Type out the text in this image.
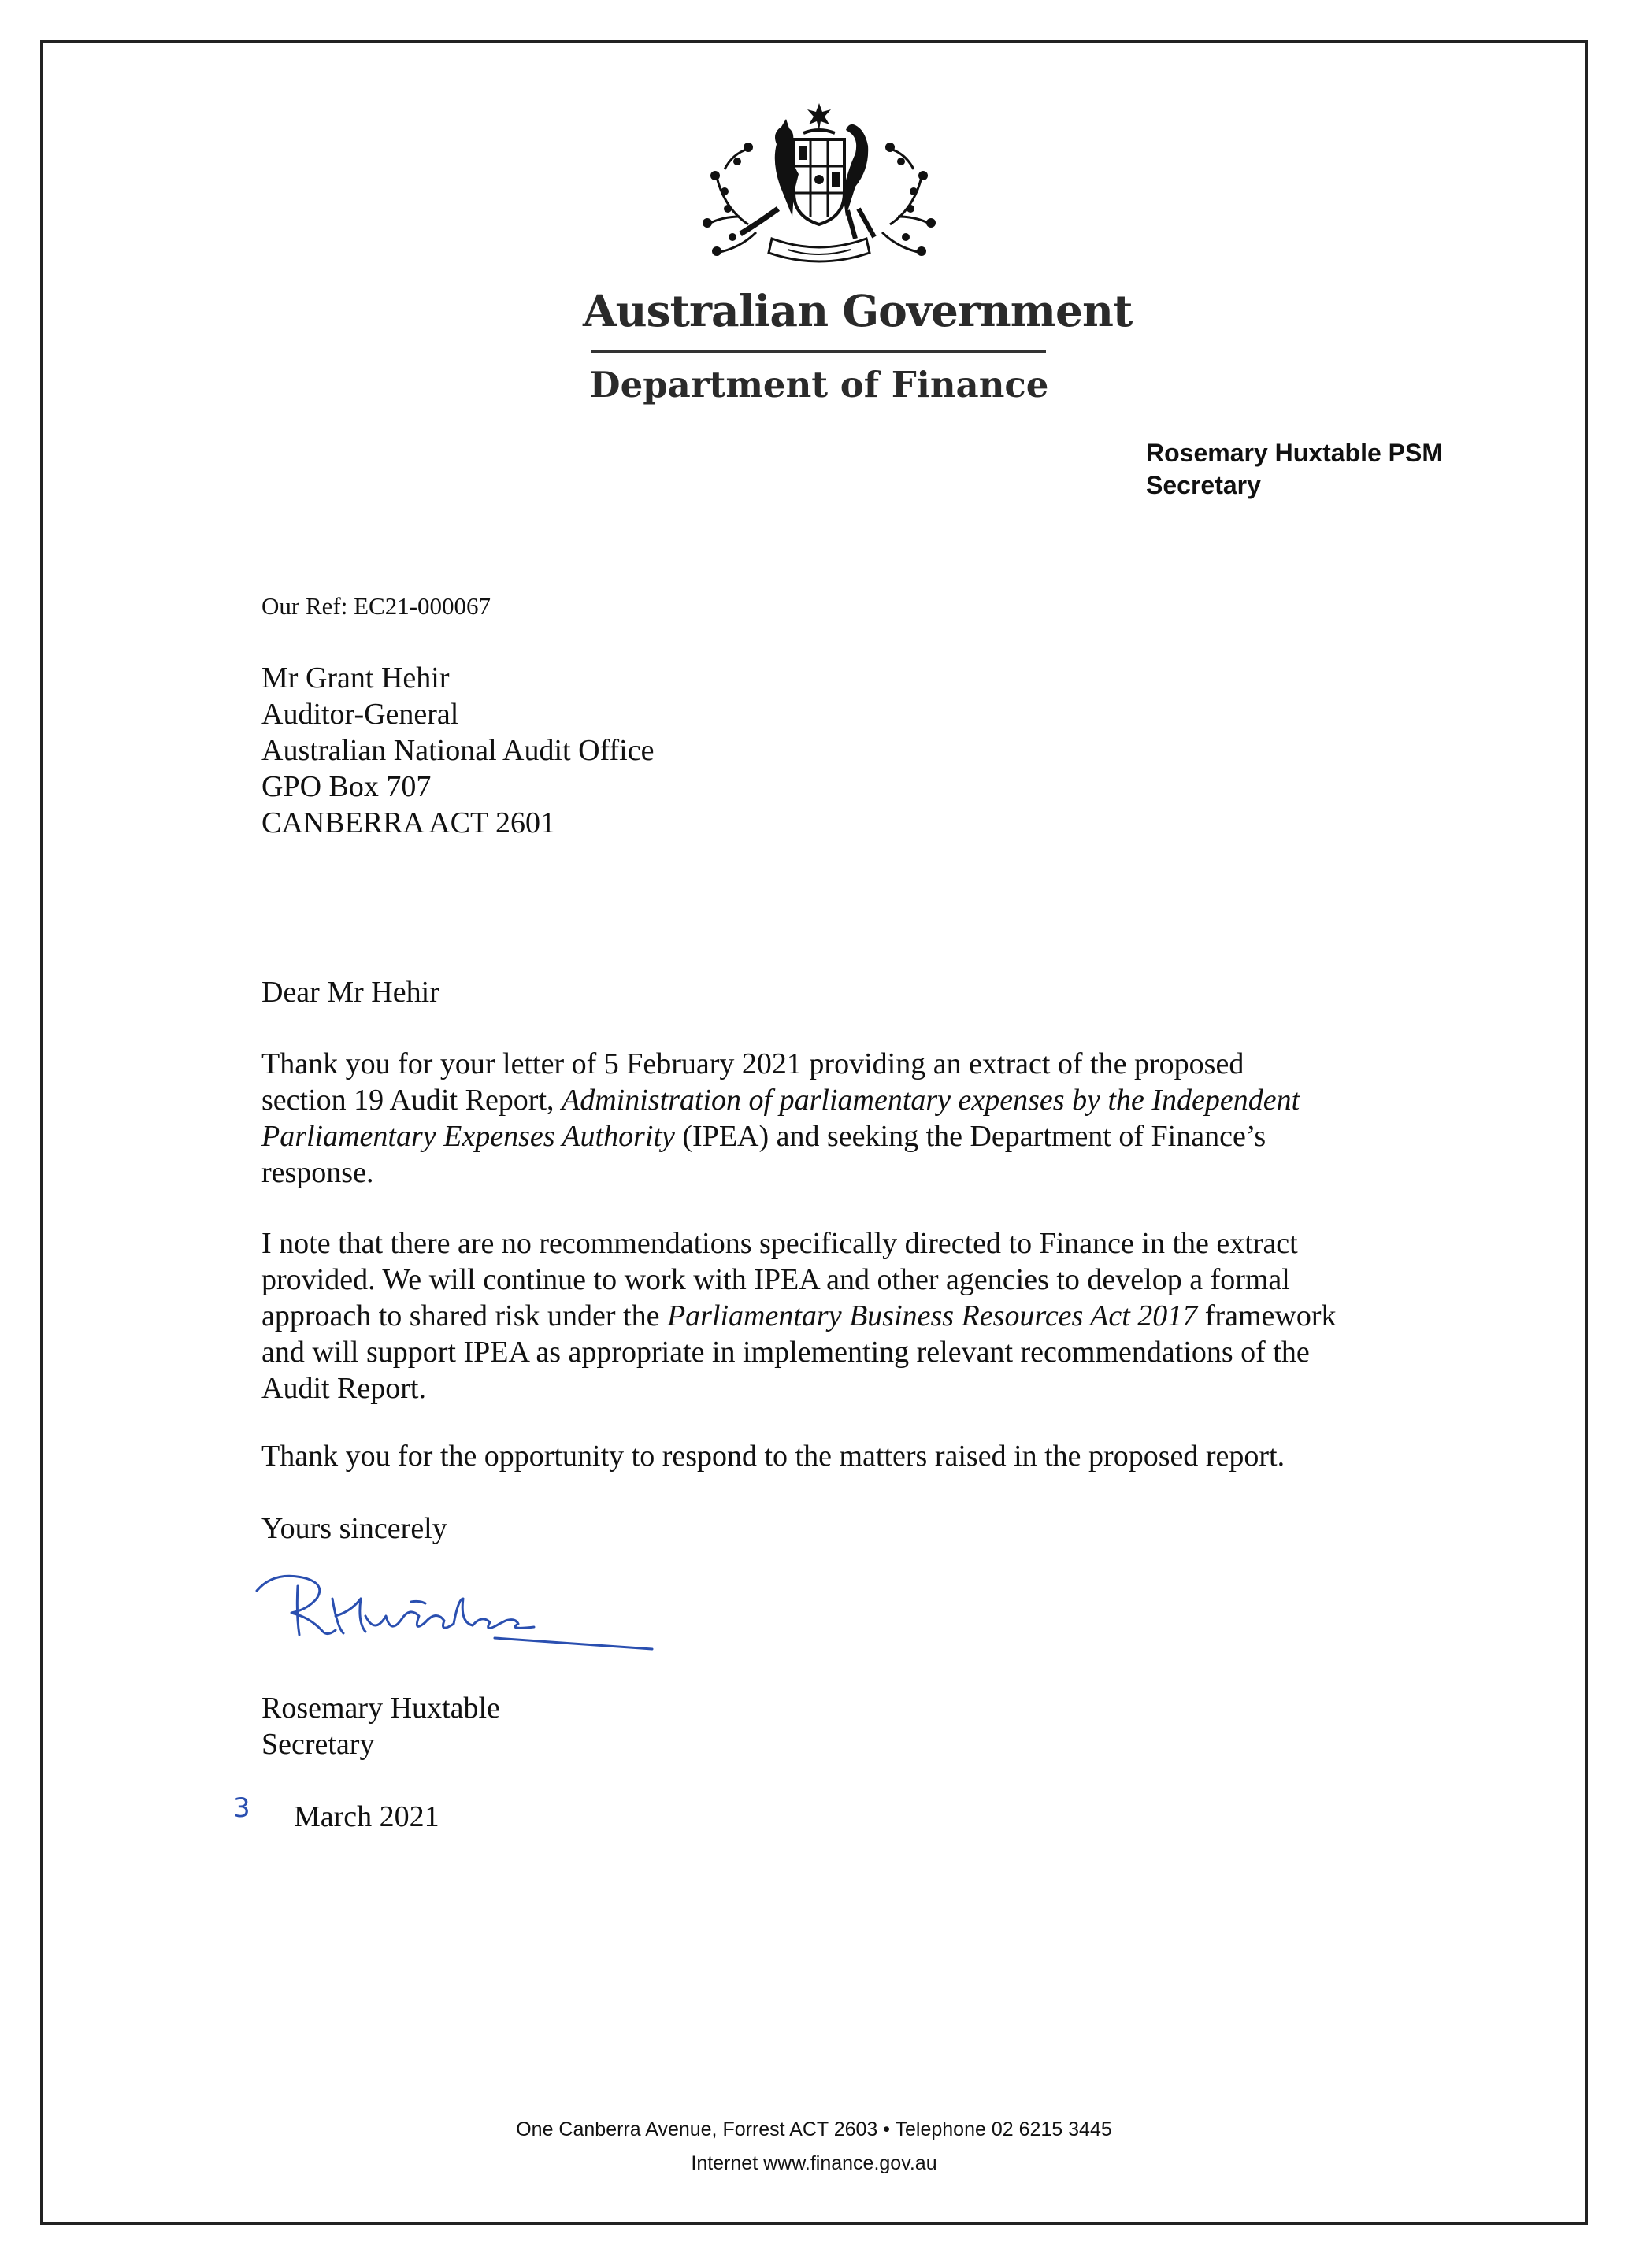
Australian Government
Department of Finance
Rosemary Huxtable PSM
Secretary
Our Ref: EC21-000067
Mr Grant Hehir
Auditor-General
Australian National Audit Office
GPO Box 707
CANBERRA ACT 2601
Dear Mr Hehir
Thank you for your letter of 5 February 2021 providing an extract of the proposed
section 19 Audit Report, Administration of parliamentary expenses by the Independent
Parliamentary Expenses Authority (IPEA) and seeking the Department of Finance’s
response.
I note that there are no recommendations specifically directed to Finance in the extract
provided. We will continue to work with IPEA and other agencies to develop a formal
approach to shared risk under the Parliamentary Business Resources Act 2017 framework
and will support IPEA as appropriate in implementing relevant recommendations of the
Audit Report.
Thank you for the opportunity to respond to the matters raised in the proposed report.
Yours sincerely
Rosemary Huxtable
Secretary
3 March 2021
One Canberra Avenue, Forrest ACT 2603 • Telephone 02 6215 3445
Internet www.finance.gov.au
